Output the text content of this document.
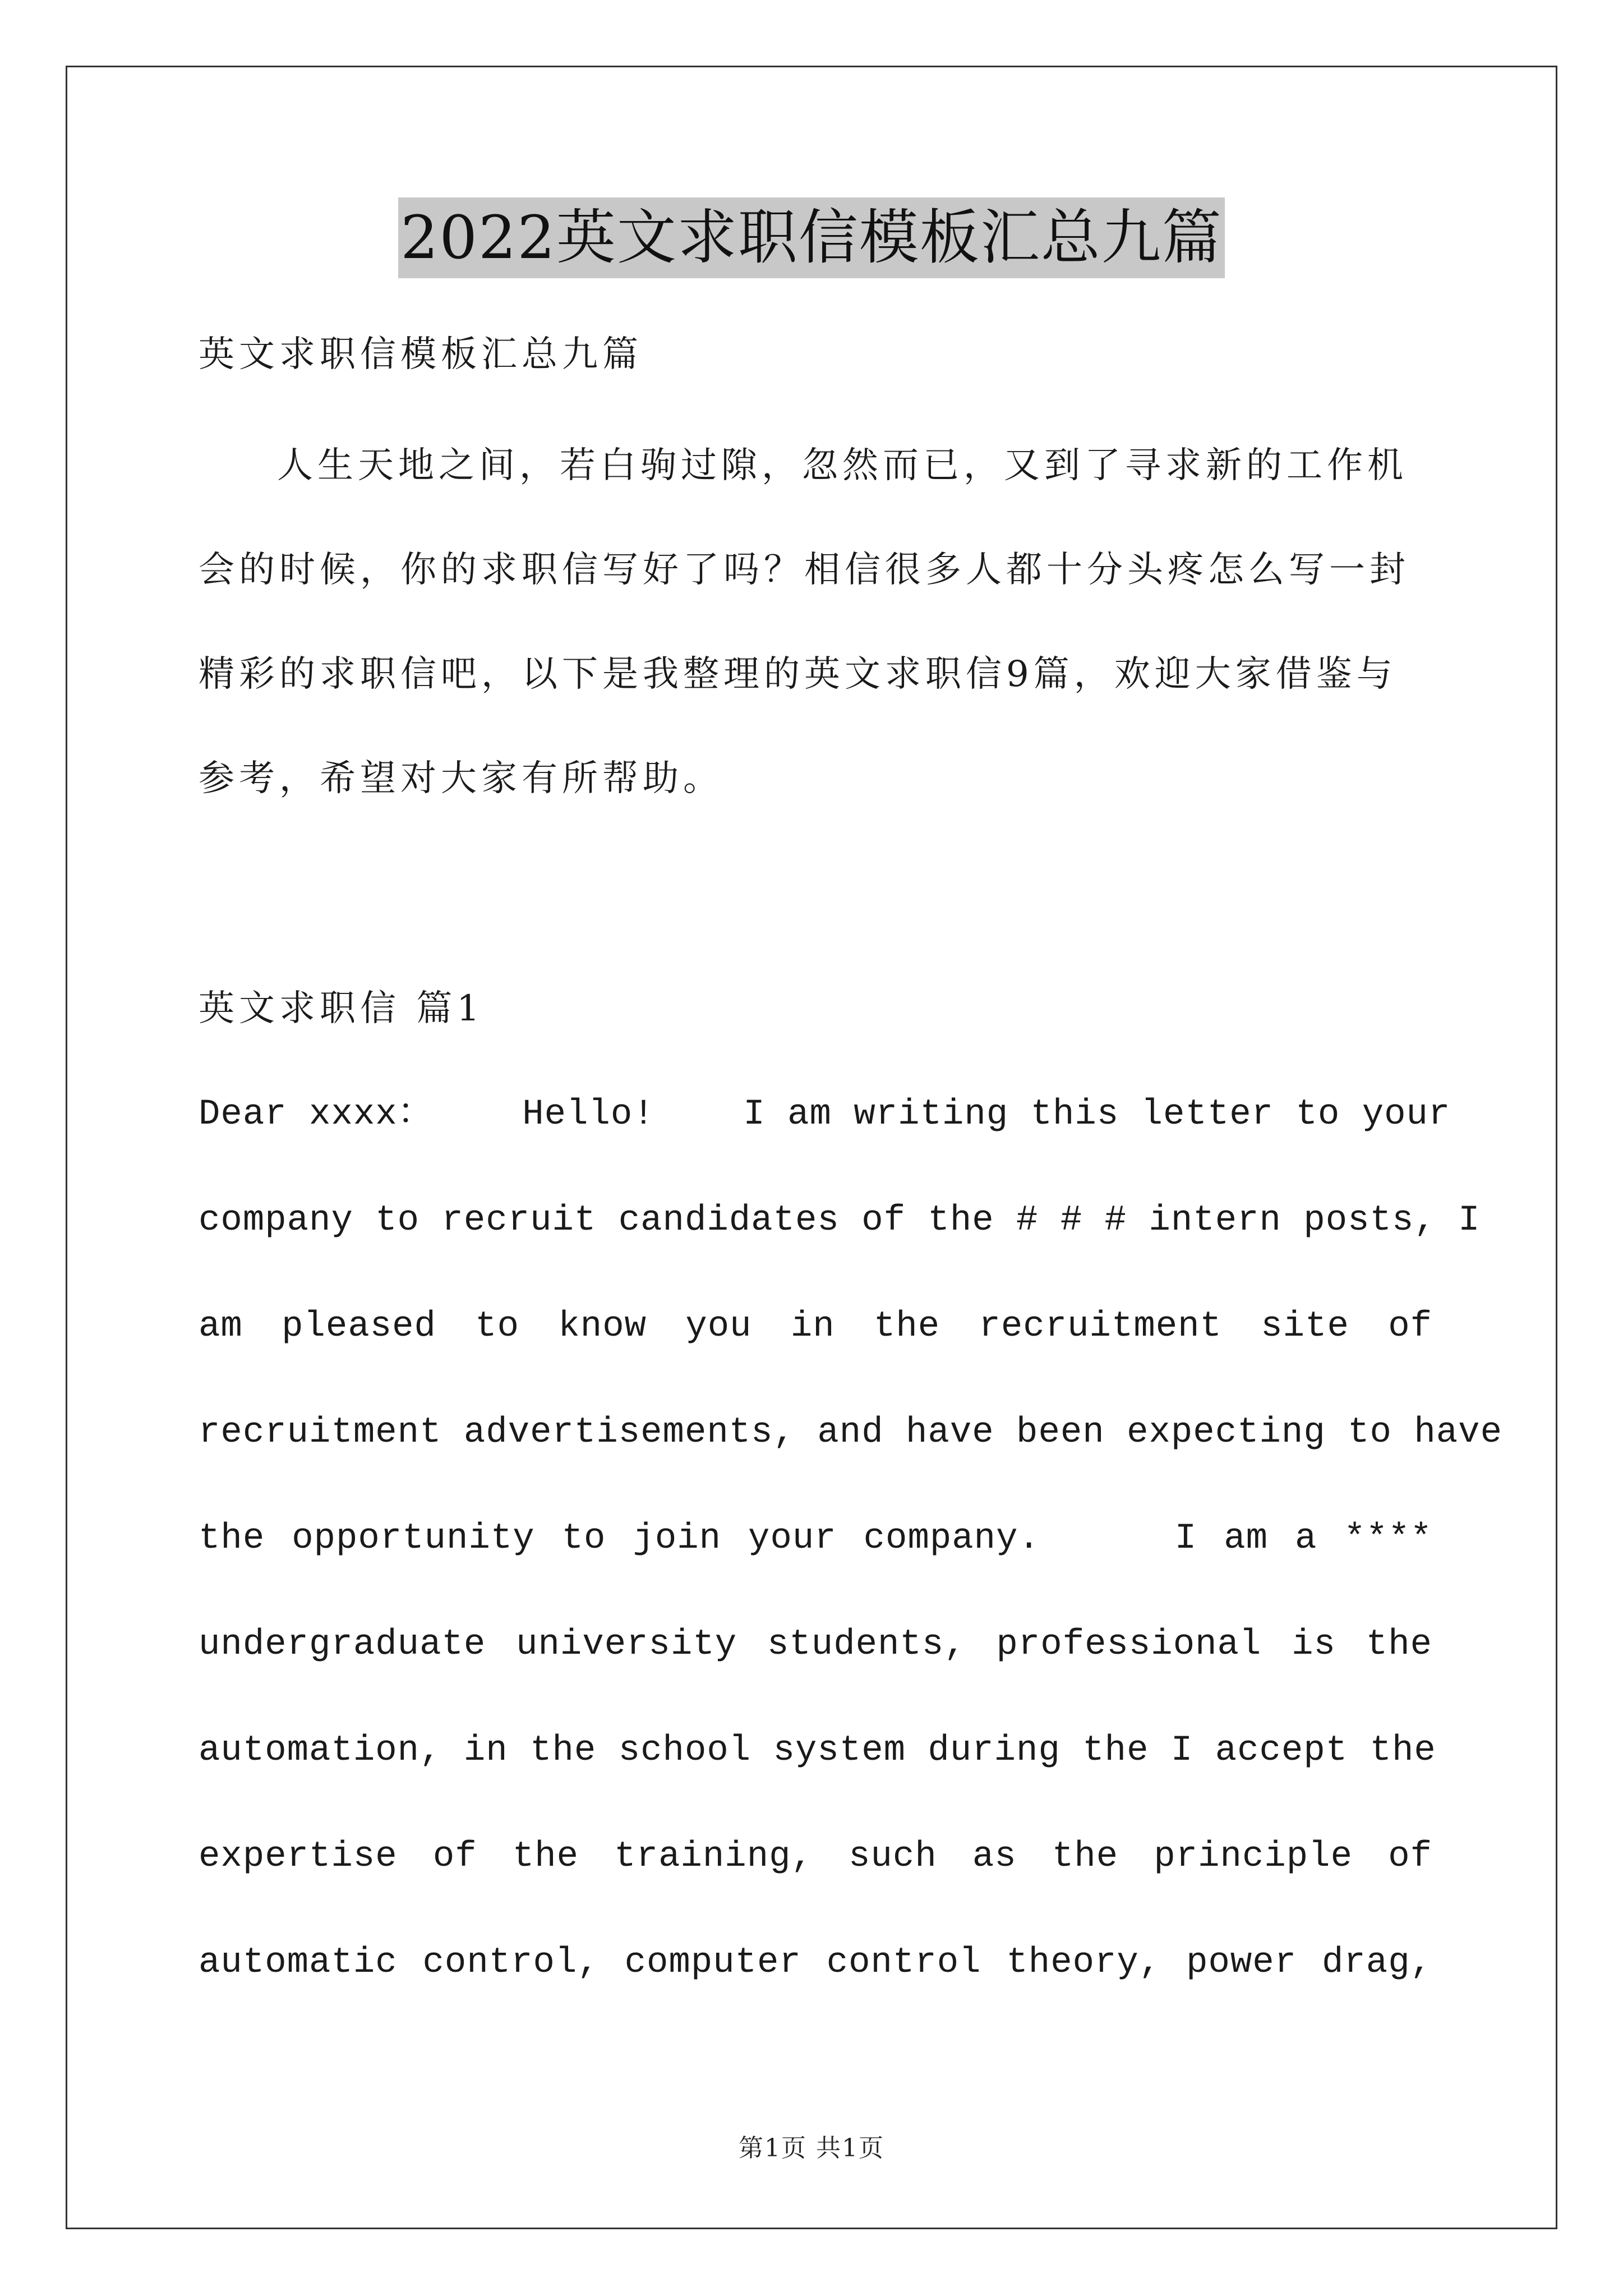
2022英文求职信模板汇总九篇
英文求职信模板汇总九篇
人生天地之间，若白驹过隙，忽然而已，又到了寻求新的工作机
会的时候，你的求职信写好了吗？相信很多人都十分头疼怎么写一封
精彩的求职信吧，以下是我整理的英文求职信9篇，欢迎大家借鉴与
参考，希望对大家有所帮助。
英文求职信 篇1
Dear xxxx：    Hello!    I am writing this letter to your
company to recruit candidates of the # # # intern posts, I
am pleased to know you in the recruitment site of
recruitment advertisements, and have been expecting to have
the opportunity to join your company.     I am a ****
undergraduate university students, professional is the
automation, in the school system during the I accept the
expertise of the training, such as the principle of
automatic control, computer control theory, power drag,
第1页 共1页
